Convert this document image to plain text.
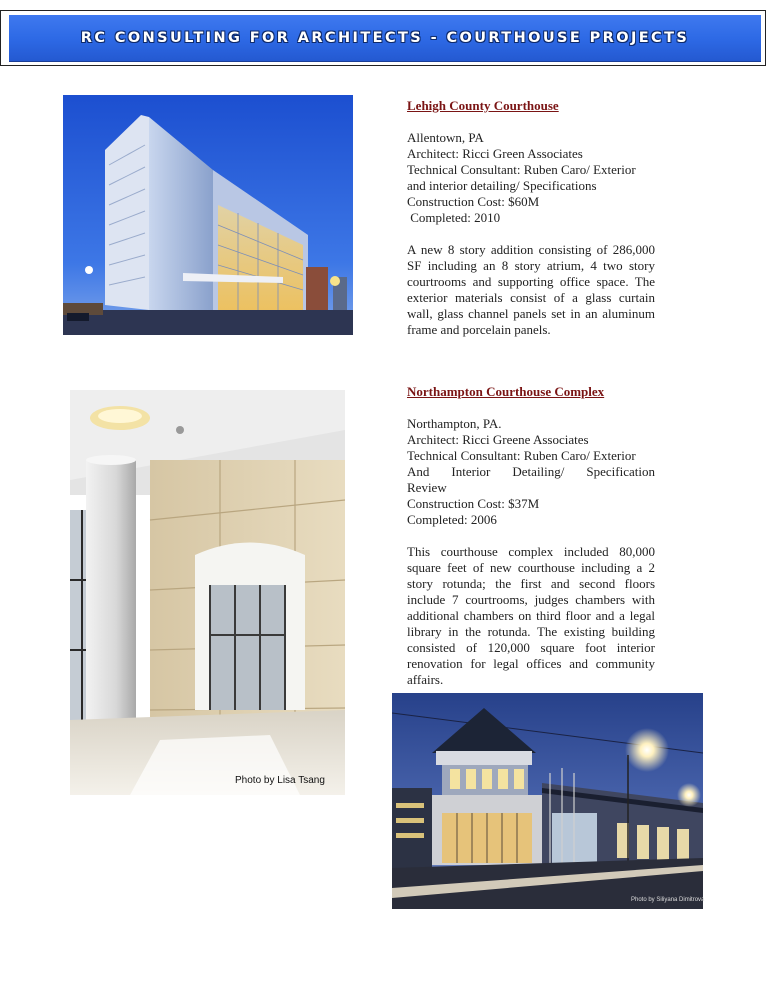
RC CONSULTING FOR ARCHITECTS - COURTHOUSE PROJECTS

Lehigh County Courthouse

Allentown, PA

Architect: Ricci Green Associates

Technical Consultant: Ruben Caro/ Exterior

and interior detailing/ Specifications

Construction Cost: $60M

Completed: 2010

A new 8 story addition consisting of 286,000 SF including an 8 story atrium, 4 two story courtrooms and supporting office space. The exterior materials consist of a glass curtain wall, glass channel panels set in an aluminum frame and porcelain panels.

Photo by Lisa Tsang

Northampton Courthouse Complex

Northampton, PA.

Architect: Ricci Greene Associates

Technical Consultant: Ruben Caro/ Exterior

And Interior Detailing/ Specification

Review

Construction Cost: $37M

Completed: 2006

This courthouse complex included 80,000 square feet of new courthouse including a 2 story rotunda; the first and second floors include 7 courtrooms, judges chambers with additional chambers on third floor and a legal library in the rotunda. The existing building consisted of 120,000 square foot interior renovation for legal offices and community affairs.

Photo by Siliyana Dimitrova
